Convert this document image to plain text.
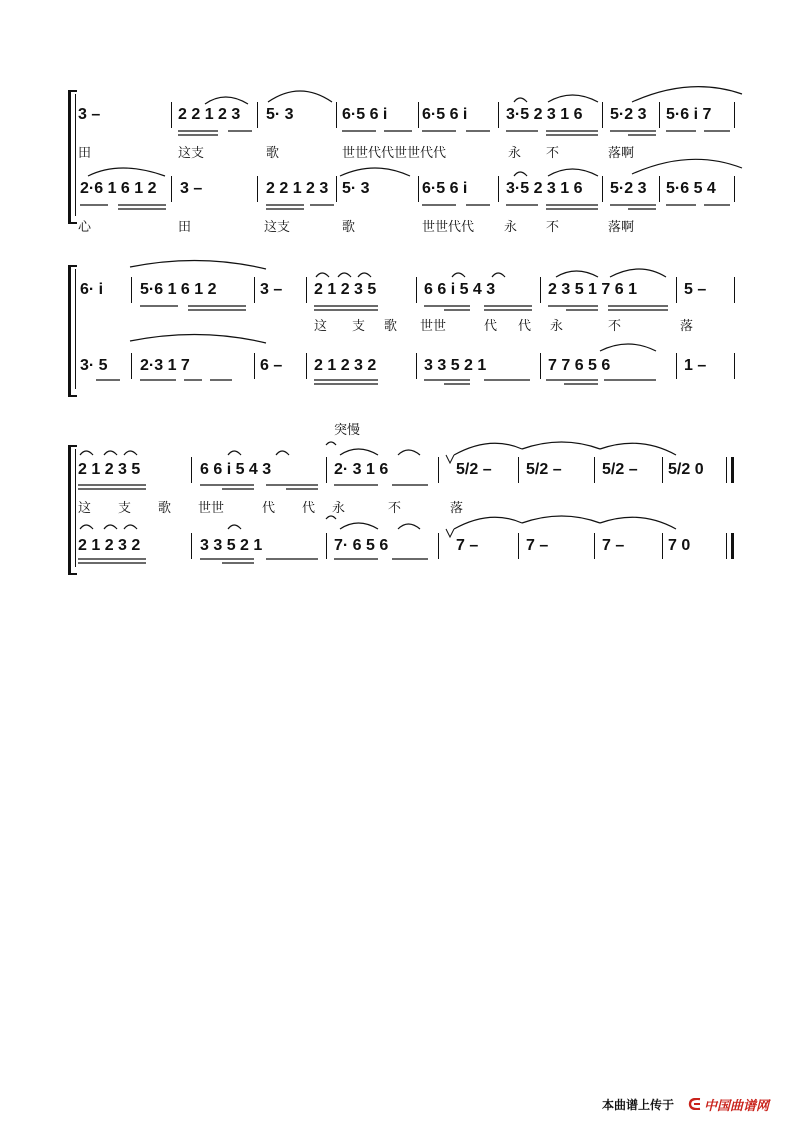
3 –	2 2 1 2 3 5· 3	6·5 6 i 6·5 6 i 3·5 2 3 1 6 5·2 3 5·6 i 7
田	这支	歌	世世代代世世代代	永 不	落啊
2·6 1 6 1 2 3 –	2 2 1 2 3 5· 3	6·5 6 i 3·5 2 3 1 6 5·2 3 5·6 5 4
心	田	这支	歌	世世代代 永 不	落啊
6· i 5·6 1 6 1 2	3 – 2 1 2 3 5	6 6 i 5 4 3	2 3 5 1 7 6 1	5 –
这 支 歌 世世	代 代 永	不	落
3· 5 2·3 1 7	6 – 2 1 2 3 2	3 3 5 2 1	7 7 6 5 6	1 –
突慢
2 1 2 3 5	6 6 i 5 4 3	2· 3 1 6	5/2 – 5/2 –	5/2 – 5/2 0
这 支 歌 世世	代 代 永	不	落
2 1 2 3 2	3 3 5 2 1	7· 6 5 6	7 –	7 –	7 –	7 0
本曲谱上传于 中国曲谱网
